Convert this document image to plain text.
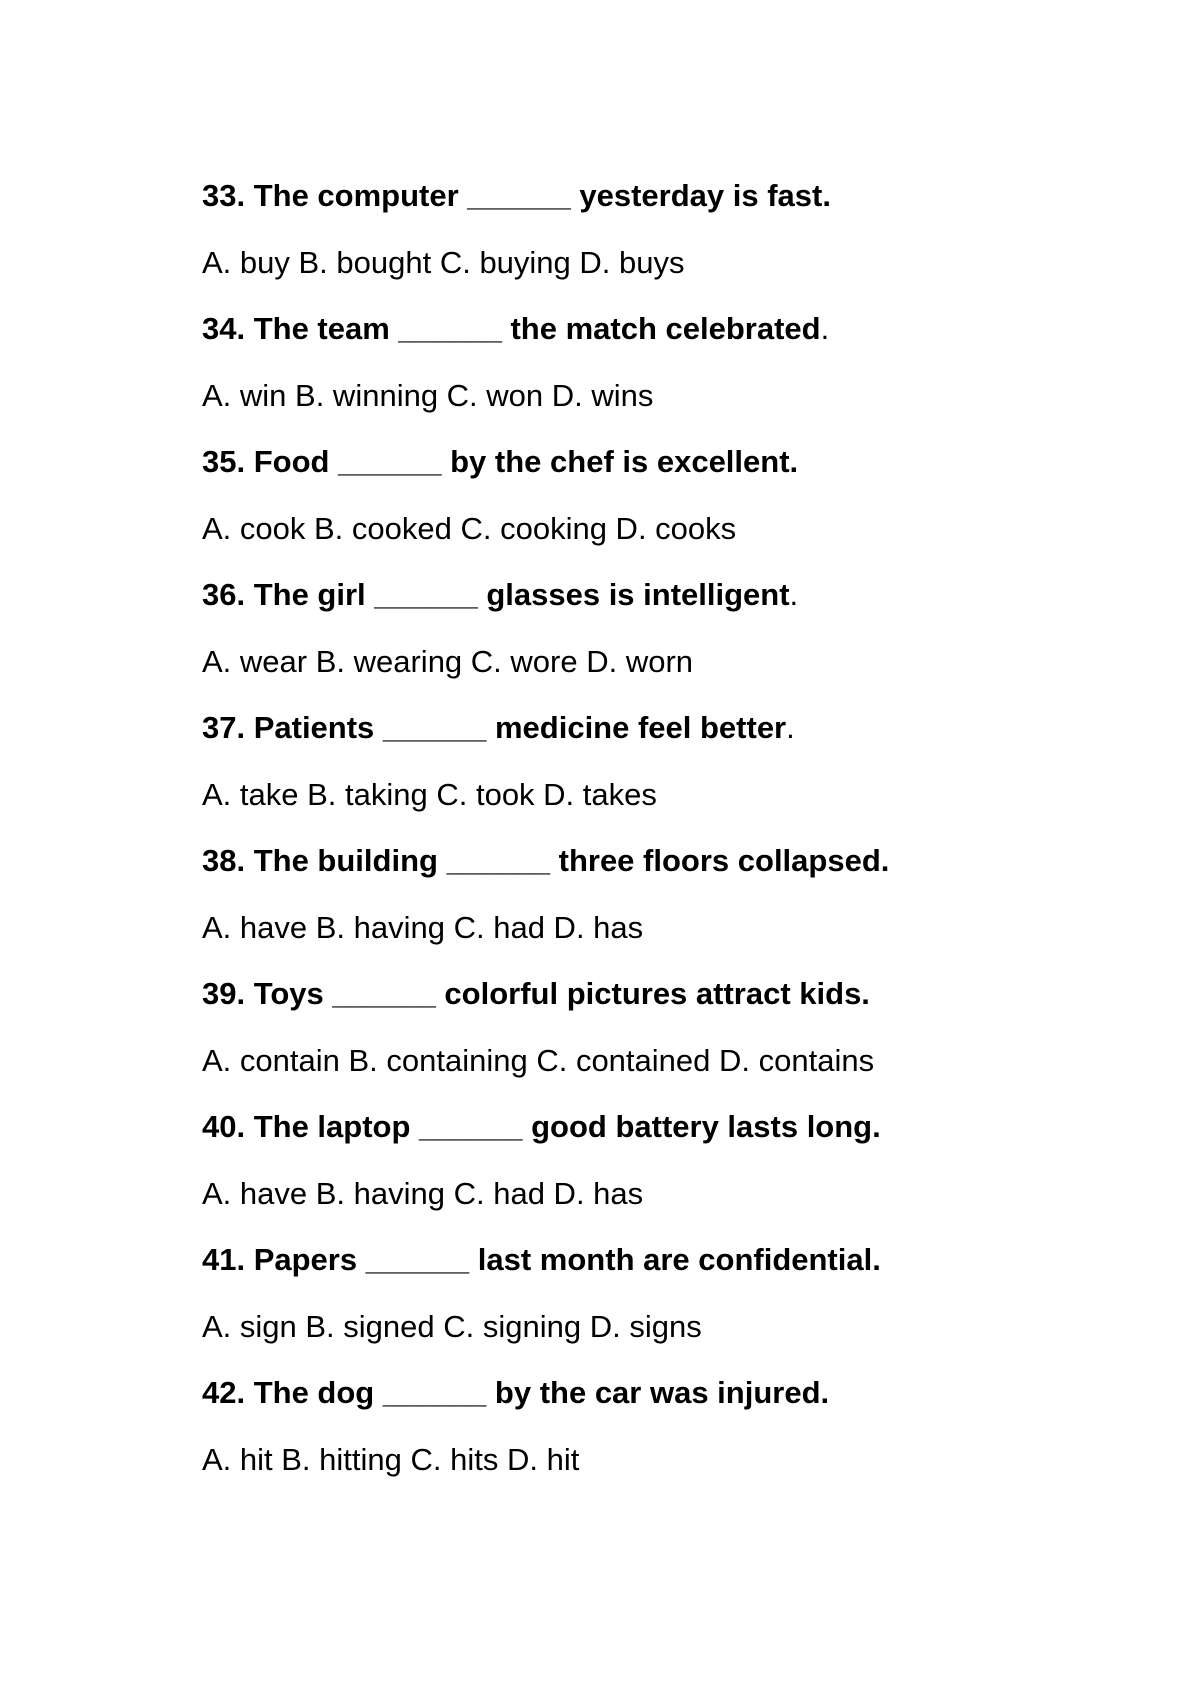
33. The computer ______ yesterday is fast.
A. buy B. bought C. buying D. buys
34. The team ______ the match celebrated.
A. win B. winning C. won D. wins
35. Food ______ by the chef is excellent.
A. cook B. cooked C. cooking D. cooks
36. The girl ______ glasses is intelligent.
A. wear B. wearing C. wore D. worn
37. Patients ______ medicine feel better.
A. take B. taking C. took D. takes
38. The building ______ three floors collapsed.
A. have B. having C. had D. has
39. Toys ______ colorful pictures attract kids.
A. contain B. containing C. contained D. contains
40. The laptop ______ good battery lasts long.
A. have B. having C. had D. has
41. Papers ______ last month are confidential.
A. sign B. signed C. signing D. signs
42. The dog ______ by the car was injured.
A. hit B. hitting C. hits D. hit
